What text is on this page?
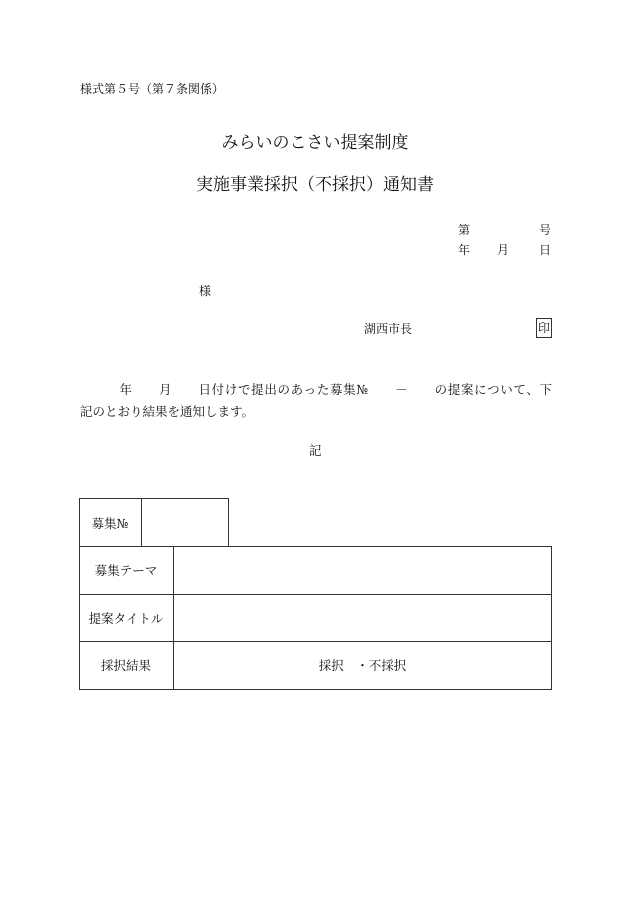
様式第５号（第７条関係）
みらいのこさい提案制度
実施事業採択（不採択）通知書
第	号
年 月 日
様
湖西市長	印
　　　年　　月　　日付けで提出のあった募集№　　－　　の提案について、下
記のとおり結果を通知します。
記
募集№
募集テーマ
提案タイトル
採択結果	採択　・不採択
